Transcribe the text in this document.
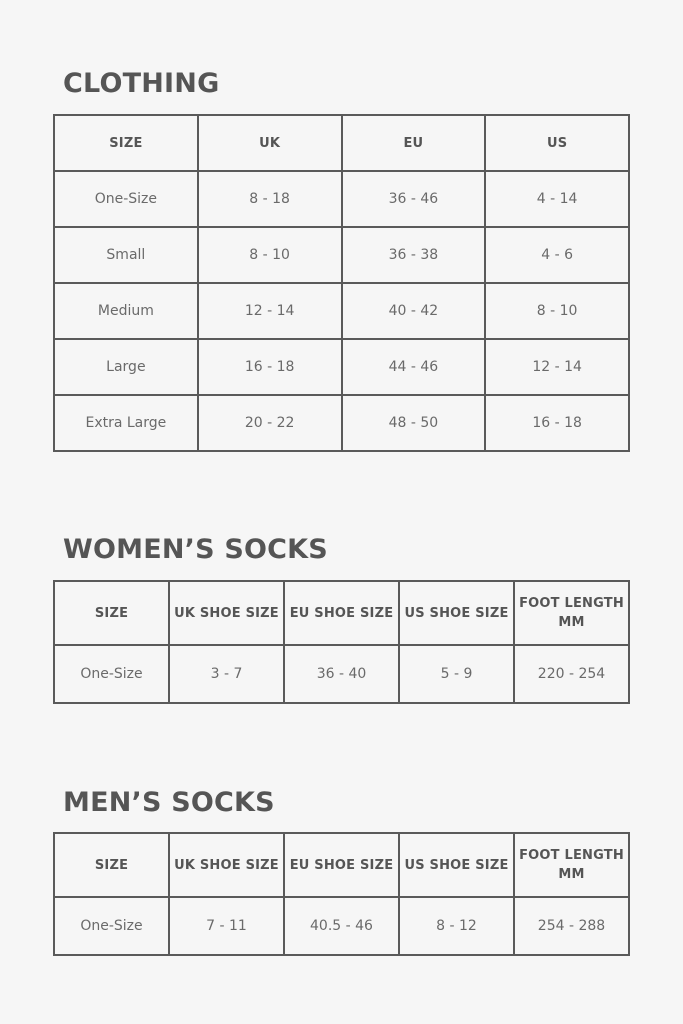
CLOTHING
SIZE	UK	EU	US
One-Size	8 - 18	36 - 46	4 - 14
Small	8 - 10	36 - 38	4 - 6
Medium	12 - 14	40 - 42	8 - 10
Large	16 - 18	44 - 46	12 - 14
Extra Large	20 - 22	48 - 50	16 - 18
WOMEN’S SOCKS
SIZE	UK SHOE SIZE	EU SHOE SIZE	US SHOE SIZE	FOOT LENGTH MM
One-Size	3 - 7	36 - 40	5 - 9	220 - 254
MEN’S SOCKS
SIZE	UK SHOE SIZE	EU SHOE SIZE	US SHOE SIZE	FOOT LENGTH MM
One-Size	7 - 11	40.5 - 46	8 - 12	254 - 288
